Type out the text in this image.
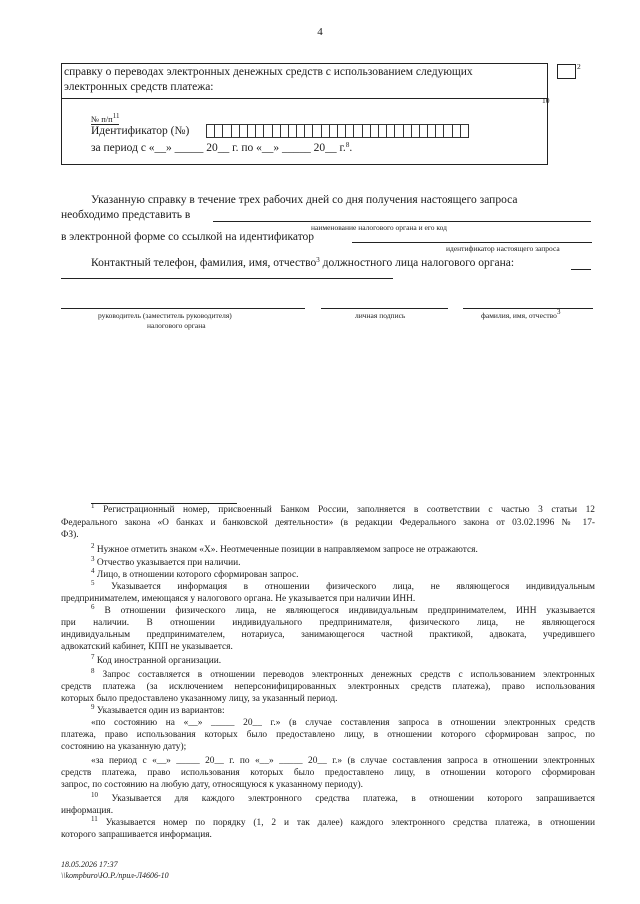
4
справку о переводах электронных денежных средств с использованием следующих
электронных средств платежа:
2
10
№ $п/п^{11}$
Идентификатор (№)
за период с «__» _____ 20__ г. по «__» _____ 20__ г.$^8$.
Указанную справку в течение трех рабочих дней со дня получения настоящего запроса
необходимо представить в
наименование налогового органа и его код
в электронной форме со ссылкой на идентификатор
идентификатор настоящего запроса
Контактный телефон, фамилия, имя, отчество$^3$ должностного лица налогового органа:
руководитель (заместитель руководителя)
налогового органа
личная подпись	фамилия, имя, отчество3
$^1$ Регистрационный номер, присвоенный Банком России, заполняется в соответствии с частью 3 статьи 12
Федерального закона «О банках и банковской деятельности» (в редакции Федерального закона от 03.02.1996 № 17-
ФЗ).
$^2$ Нужное отметить знаком «X». Неотмеченные позиции в направляемом запросе не отражаются.
$^3$ Отчество указывается при наличии.
$^4$ Лицо, в отношении которого сформирован запрос.
$^5$ Указывается информация в отношении физического лица, не являющегося индивидуальным
предпринимателем, имеющаяся у налогового органа. Не указывается при наличии ИНН.
$^6$ В отношении физического лица, не являющегося индивидуальным предпринимателем, ИНН указывается
при наличии. В отношении индивидуального предпринимателя, физического лица, не являющегося
индивидуальным предпринимателем, нотариуса, занимающегося частной практикой, адвоката, учредившего
адвокатский кабинет, КПП не указывается.
$^7$ Код иностранной организации.
$^8$ Запрос составляется в отношении переводов электронных денежных средств с использованием электронных
средств платежа (за исключением неперсонифицированных электронных средств платежа), право использования
которых было предоставлено указанному лицу, за указанный период.
$^9$ Указывается один из вариантов:
«по состоянию на «__» _____ 20__ г.» (в случае составления запроса в отношении электронных средств
платежа, право использования которых было предоставлено лицу, в отношении которого сформирован запрос, по
состоянию на указанную дату);
«за период с «__» _____ 20__ г. по «__» _____ 20__ г.» (в случае составления запроса в отношении электронных
средств платежа, право использования которых было предоставлено лицу, в отношении которого сформирован
запрос, по состоянию на любую дату, относящуюся к указанному периоду).
$^{10}$ Указывается для каждого электронного средства платежа, в отношении которого запрашивается
информация.
$^{11}$ Указывается номер по порядку (1, 2 и так далее) каждого электронного средства платежа, в отношении
которого запрашивается информация.
18.05.2026 17:37
\\kompburo\Ю.Р./прил-Л4606-10
